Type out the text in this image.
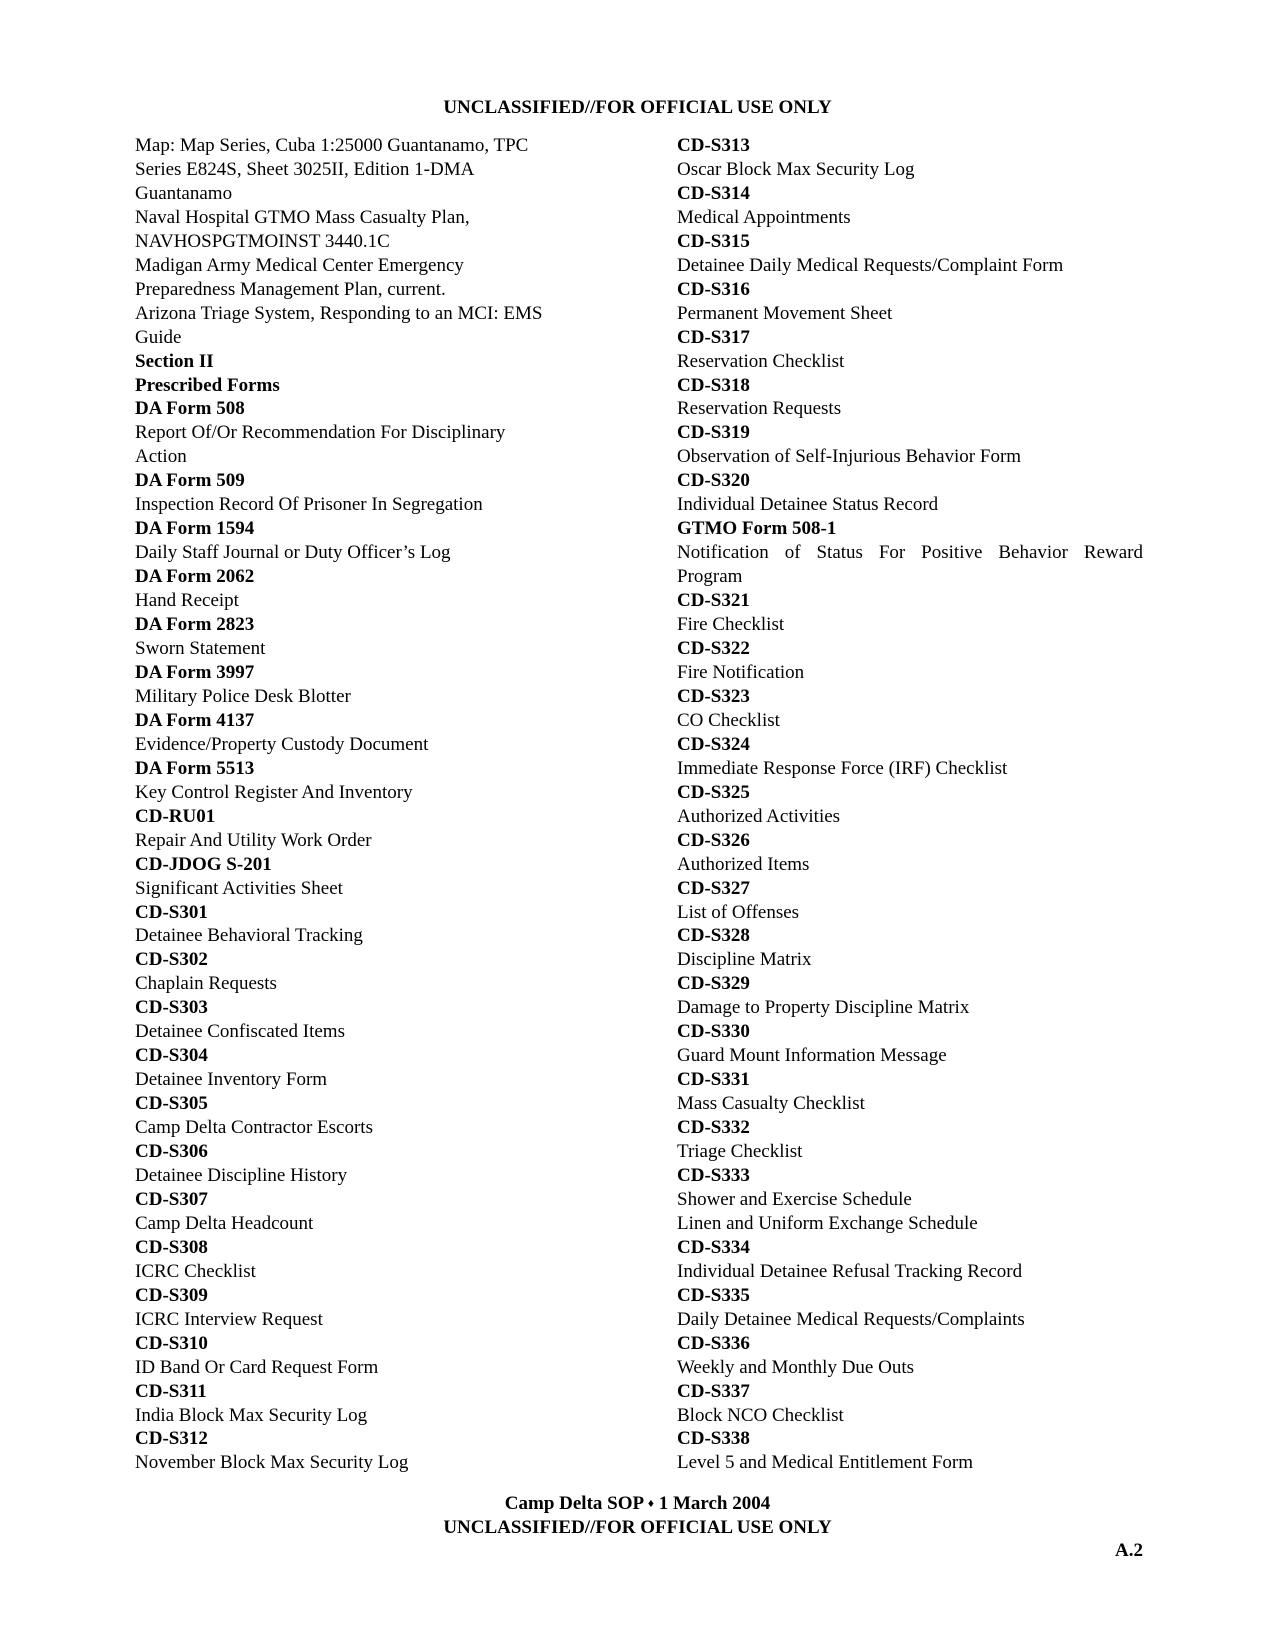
UNCLASSIFIED//FOR OFFICIAL USE ONLY
Map: Map Series, Cuba 1:25000 Guantanamo, TPC
Series E824S, Sheet 3025II, Edition 1-DMA
Guantanamo
Naval Hospital GTMO Mass Casualty Plan,
NAVHOSPGTMOINST 3440.1C
Madigan Army Medical Center Emergency
Preparedness Management Plan, current.
Arizona Triage System, Responding to an MCI: EMS
Guide
Section II
Prescribed Forms
DA Form 508
Report Of/Or Recommendation For Disciplinary
Action
DA Form 509
Inspection Record Of Prisoner In Segregation
DA Form 1594
Daily Staff Journal or Duty Officer’s Log
DA Form 2062
Hand Receipt
DA Form 2823
Sworn Statement
DA Form 3997
Military Police Desk Blotter
DA Form 4137
Evidence/Property Custody Document
DA Form 5513
Key Control Register And Inventory
CD-RU01
Repair And Utility Work Order
CD-JDOG S-201
Significant Activities Sheet
CD-S301
Detainee Behavioral Tracking
CD-S302
Chaplain Requests
CD-S303
Detainee Confiscated Items
CD-S304
Detainee Inventory Form
CD-S305
Camp Delta Contractor Escorts
CD-S306
Detainee Discipline History
CD-S307
Camp Delta Headcount
CD-S308
ICRC Checklist
CD-S309
ICRC Interview Request
CD-S310
ID Band Or Card Request Form
CD-S311
India Block Max Security Log
CD-S312
November Block Max Security Log
CD-S313
Oscar Block Max Security Log
CD-S314
Medical Appointments
CD-S315
Detainee Daily Medical Requests/Complaint Form
CD-S316
Permanent Movement Sheet
CD-S317
Reservation Checklist
CD-S318
Reservation Requests
CD-S319
Observation of Self-Injurious Behavior Form
CD-S320
Individual Detainee Status Record
GTMO Form 508-1
Notification of Status For Positive Behavior Reward
Program
CD-S321
Fire Checklist
CD-S322
Fire Notification
CD-S323
CO Checklist
CD-S324
Immediate Response Force (IRF) Checklist
CD-S325
Authorized Activities
CD-S326
Authorized Items
CD-S327
List of Offenses
CD-S328
Discipline Matrix
CD-S329
Damage to Property Discipline Matrix
CD-S330
Guard Mount Information Message
CD-S331
Mass Casualty Checklist
CD-S332
Triage Checklist
CD-S333
Shower and Exercise Schedule
Linen and Uniform Exchange Schedule
CD-S334
Individual Detainee Refusal Tracking Record
CD-S335
Daily Detainee Medical Requests/Complaints
CD-S336
Weekly and Monthly Due Outs
CD-S337
Block NCO Checklist
CD-S338
Level 5 and Medical Entitlement Form
Camp Delta SOP ♦ 1 March 2004
UNCLASSIFIED//FOR OFFICIAL USE ONLY
A.2
